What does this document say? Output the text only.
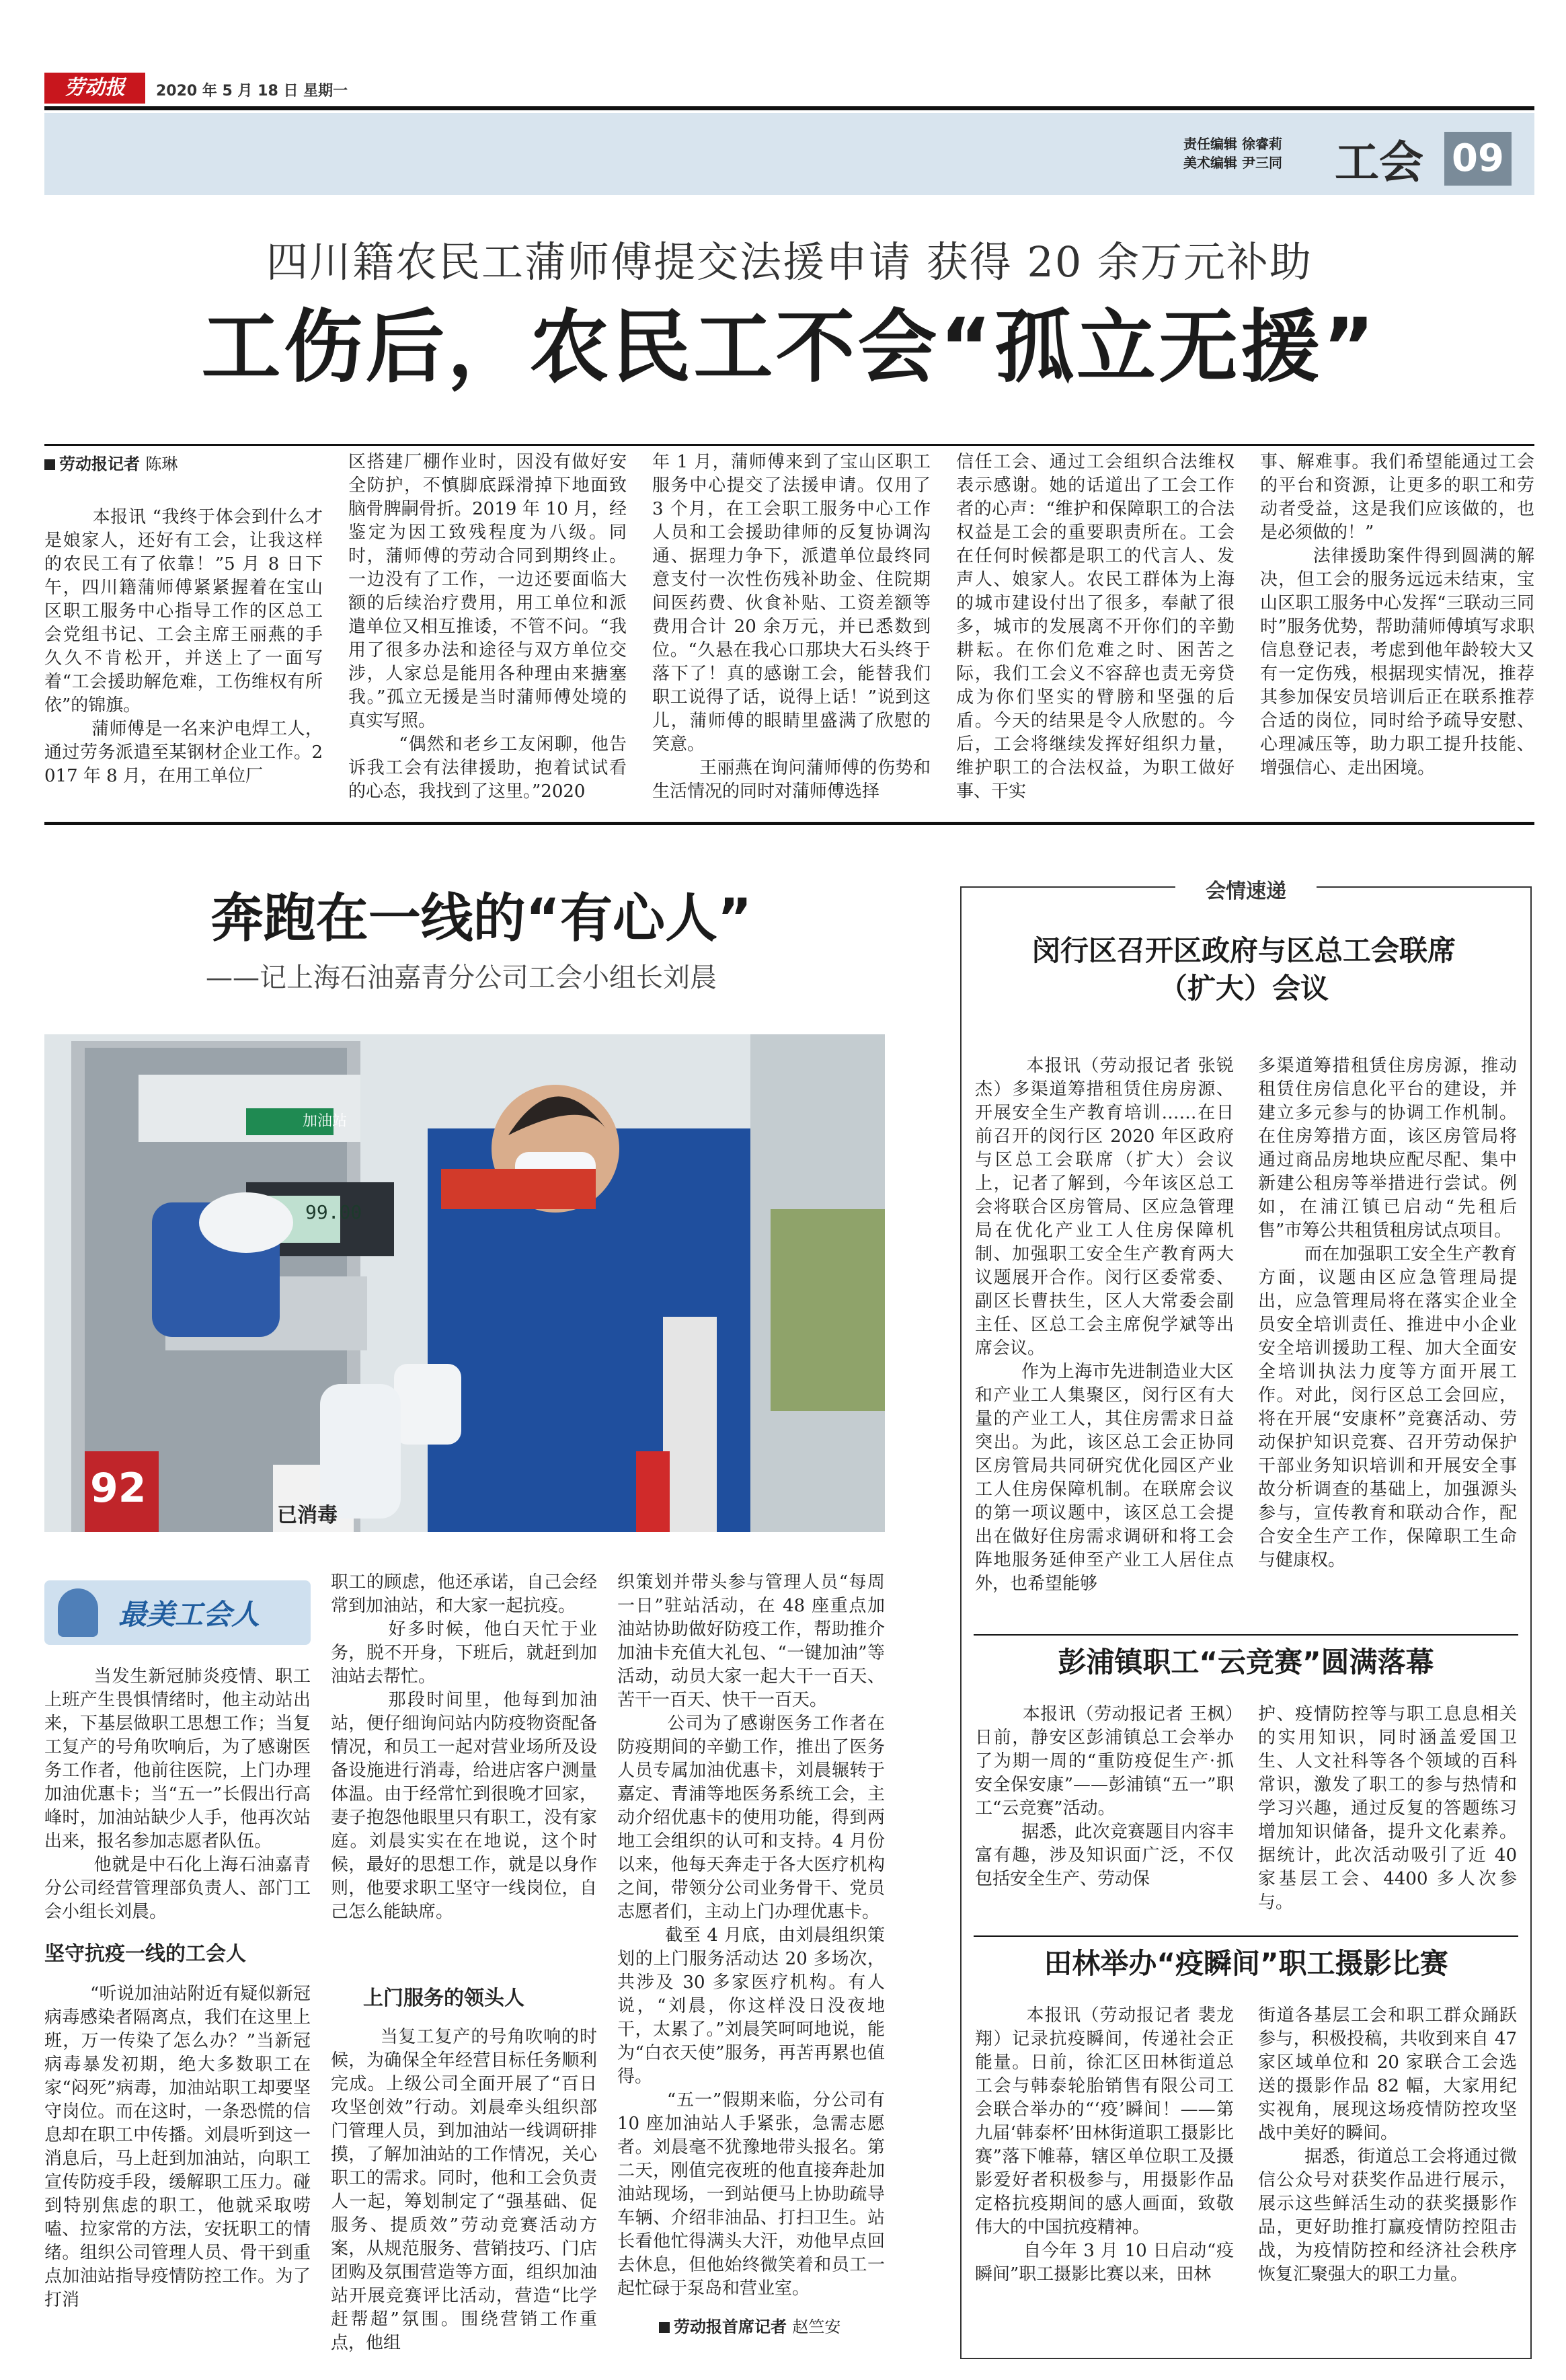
劳动报	2020 年 5 月 18 日 星期一
责任编辑 徐睿莉
美术编辑 尹三同 工会 09
四川籍农民工蒲师傅提交法援申请 获得 20 余万元补助
工伤后，农民工不会“孤立无援”
劳动报记者 陈琳
本报讯 “我终于体会到什么才是娘家人，还好有工会，让我这样的农民工有了依靠！”5 月 8 日下午，四川籍蒲师傅紧紧握着在宝山区职工服务中心指导工作的区总工会党组书记、工会主席王丽燕的手久久不肯松开，并送上了一面写着“工会援助解危难，工伤维权有所依”的锦旗。
蒲师傅是一名来沪电焊工人，通过劳务派遣至某钢材企业工作。2017 年 8 月，在用工单位厂
区搭建厂棚作业时，因没有做好安全防护，不慎脚底踩滑掉下地面致脑骨脾嗣骨折。2019 年 10 月，经鉴定为因工致残程度为八级。同时，蒲师傅的劳动合同到期终止。一边没有了工作，一边还要面临大额的后续治疗费用，用工单位和派遣单位又相互推诿，不管不问。“我用了很多办法和途径与双方单位交涉，人家总是能用各种理由来搪塞我。”孤立无援是当时蒲师傅处境的真实写照。
“偶然和老乡工友闲聊，他告诉我工会有法律援助，抱着试试看的心态，我找到了这里。”2020
年 1 月，蒲师傅来到了宝山区职工服务中心提交了法援申请。仅用了 3 个月，在工会职工服务中心工作人员和工会援助律师的反复协调沟通、据理力争下，派遣单位最终同意支付一次性伤残补助金、住院期间医药费、伙食补贴、工资差额等费用合计 20 余万元，并已悉数到位。“久悬在我心口那块大石头终于落下了！真的感谢工会，能替我们职工说得了话，说得上话！”说到这儿，蒲师傅的眼睛里盛满了欣慰的笑意。
王丽燕在询问蒲师傅的伤势和生活情况的同时对蒲师傅选择
信任工会、通过工会组织合法维权表示感谢。她的话道出了工会工作者的心声：“维护和保障职工的合法权益是工会的重要职责所在。工会在任何时候都是职工的代言人、发声人、娘家人。农民工群体为上海的城市建设付出了很多，奉献了很多，城市的发展离不开你们的辛勤耕耘。在你们危难之时、困苦之际，我们工会义不容辞也责无旁贷成为你们坚实的臂膀和坚强的后盾。今天的结果是令人欣慰的。今后，工会将继续发挥好组织力量，维护职工的合法权益，为职工做好事、干实
事、解难事。我们希望能通过工会的平台和资源，让更多的职工和劳动者受益，这是我们应该做的，也是必须做的！”
法律援助案件得到圆满的解决，但工会的服务远远未结束，宝山区职工服务中心发挥“三联动三同时”服务优势，帮助蒲师傅填写求职信息登记表，考虑到他年龄较大又有一定伤残，根据现实情况，推荐其参加保安员培训后正在联系推荐合适的岗位，同时给予疏导安慰、心理减压等，助力职工提升技能、增强信心、走出困境。
奔跑在一线的“有心人”
——记上海石油嘉青分公司工会小组长刘晨
加油站
99.00
92
已消毒
最美工会人
当发生新冠肺炎疫情、职工上班产生畏惧情绪时，他主动站出来，下基层做职工思想工作；当复工复产的号角吹响后，为了感谢医务工作者，他前往医院，上门办理加油优惠卡；当“五一”长假出行高峰时，加油站缺少人手，他再次站出来，报名参加志愿者队伍。
他就是中石化上海石油嘉青分公司经营管理部负责人、部门工会小组长刘晨。
坚守抗疫一线的工会人
“听说加油站附近有疑似新冠病毒感染者隔离点，我们在这里上班，万一传染了怎么办？”当新冠病毒暴发初期，绝大多数职工在家“闷死”病毒，加油站职工却要坚守岗位。而在这时，一条恐慌的信息却在职工中传播。刘晨听到这一消息后，马上赶到加油站，向职工宣传防疫手段，缓解职工压力。碰到特别焦虑的职工，他就采取唠嗑、拉家常的方法，安抚职工的情绪。组织公司管理人员、骨干到重点加油站指导疫情防控工作。为了打消
职工的顾虑，他还承诺，自己会经常到加油站，和大家一起抗疫。
好多时候，他白天忙于业务，脱不开身，下班后，就赶到加油站去帮忙。
那段时间里，他每到加油站，便仔细询问站内防疫物资配备情况，和员工一起对营业场所及设备设施进行消毒，给进店客户测量体温。由于经常忙到很晚才回家，妻子抱怨他眼里只有职工，没有家庭。刘晨实实在在地说，这个时候，最好的思想工作，就是以身作则，他要求职工坚守一线岗位，自己怎么能缺席。
上门服务的领头人
当复工复产的号角吹响的时候，为确保全年经营目标任务顺利完成。上级公司全面开展了“百日攻坚创效”行动。刘晨牵头组织部门管理人员，到加油站一线调研排摸，了解加油站的工作情况，关心职工的需求。同时，他和工会负责人一起，筹划制定了“强基础、促服务、提质效”劳动竞赛活动方案，从规范服务、营销技巧、门店团购及氛围营造等方面，组织加油站开展竞赛评比活动，营造“比学赶帮超”氛围。围绕营销工作重点，他组
织策划并带头参与管理人员“每周一日”驻站活动，在 48 座重点加油站协助做好防疫工作，帮助推介加油卡充值大礼包、“一键加油”等活动，动员大家一起大干一百天、苦干一百天、快干一百天。
公司为了感谢医务工作者在防疫期间的辛勤工作，推出了医务人员专属加油优惠卡，刘晨辗转于嘉定、青浦等地医务系统工会，主动介绍优惠卡的使用功能，得到两地工会组织的认可和支持。4 月份以来，他每天奔走于各大医疗机构之间，带领分公司业务骨干、党员志愿者们，主动上门办理优惠卡。
截至 4 月底，由刘晨组织策划的上门服务活动达 20 多场次，共涉及 30 多家医疗机构。有人说，“刘晨，你这样没日没夜地干，太累了。”刘晨笑呵呵地说，能为“白衣天使”服务，再苦再累也值得。
“五一”假期来临，分公司有 10 座加油站人手紧张，急需志愿者。刘晨毫不犹豫地带头报名。第二天，刚值完夜班的他直接奔赴加油站现场，一到站便马上协助疏导车辆、介绍非油品、打扫卫生。站长看他忙得满头大汗，劝他早点回去休息，但他始终微笑着和员工一起忙碌于泵岛和营业室。
劳动报首席记者 赵竺安
会情速递
闵行区召开区政府与区总工会联席（扩大）会议
本报讯（劳动报记者 张锐杰）多渠道筹措租赁住房房源、开展安全生产教育培训……在日前召开的闵行区 2020 年区政府与区总工会联席（扩大）会议上，记者了解到，今年该区总工会将联合区房管局、区应急管理局在优化产业工人住房保障机制、加强职工安全生产教育两大议题展开合作。闵行区委常委、副区长曹扶生，区人大常委会副主任、区总工会主席倪学斌等出席会议。
作为上海市先进制造业大区和产业工人集聚区，闵行区有大量的产业工人，其住房需求日益突出。为此，该区总工会正协同区房管局共同研究优化园区产业工人住房保障机制。在联席会议的第一项议题中，该区总工会提出在做好住房需求调研和将工会阵地服务延伸至产业工人居住点外，也希望能够
多渠道筹措租赁住房房源，推动租赁住房信息化平台的建设，并建立多元参与的协调工作机制。在住房筹措方面，该区房管局将通过商品房地块应配尽配、集中新建公租房等举措进行尝试。例如，在浦江镇已启动“先租后售”市筹公共租赁租房试点项目。
而在加强职工安全生产教育方面，议题由区应急管理局提出，应急管理局将在落实企业全员安全培训责任、推进中小企业安全培训援助工程、加大全面安全培训执法力度等方面开展工作。对此，闵行区总工会回应，将在开展“安康杯”竞赛活动、劳动保护知识竞赛、召开劳动保护干部业务知识培训和开展安全事故分析调查的基础上，加强源头参与，宣传教育和联动合作，配合安全生产工作，保障职工生命与健康权。
彭浦镇职工“云竞赛”圆满落幕
本报讯（劳动报记者 王枫）日前，静安区彭浦镇总工会举办了为期一周的“重防疫促生产·抓安全保安康”——彭浦镇“五一”职工“云竞赛”活动。
据悉，此次竞赛题目内容丰富有趣，涉及知识面广泛，不仅包括安全生产、劳动保
护、疫情防控等与职工息息相关的实用知识，同时涵盖爱国卫生、人文社科等各个领域的百科常识，激发了职工的参与热情和学习兴趣，通过反复的答题练习增加知识储备，提升文化素养。据统计，此次活动吸引了近 40 家基层工会、4400 多人次参与。
田林举办“疫瞬间”职工摄影比赛
本报讯（劳动报记者 裴龙翔）记录抗疫瞬间，传递社会正能量。日前，徐汇区田林街道总工会与韩泰轮胎销售有限公司工会联合举办的“‘疫’瞬间！——第九届‘韩泰杯’田林街道职工摄影比赛”落下帷幕，辖区单位职工及摄影爱好者积极参与，用摄影作品定格抗疫期间的感人画面，致敬伟大的中国抗疫精神。
自今年 3 月 10 日启动“疫瞬间”职工摄影比赛以来，田林
街道各基层工会和职工群众踊跃参与，积极投稿，共收到来自 47 家区域单位和 20 家联合工会选送的摄影作品 82 幅，大家用纪实视角，展现这场疫情防控攻坚战中美好的瞬间。
据悉，街道总工会将通过微信公众号对获奖作品进行展示，展示这些鲜活生动的获奖摄影作品，更好助推打赢疫情防控阻击战，为疫情防控和经济社会秩序恢复汇聚强大的职工力量。
